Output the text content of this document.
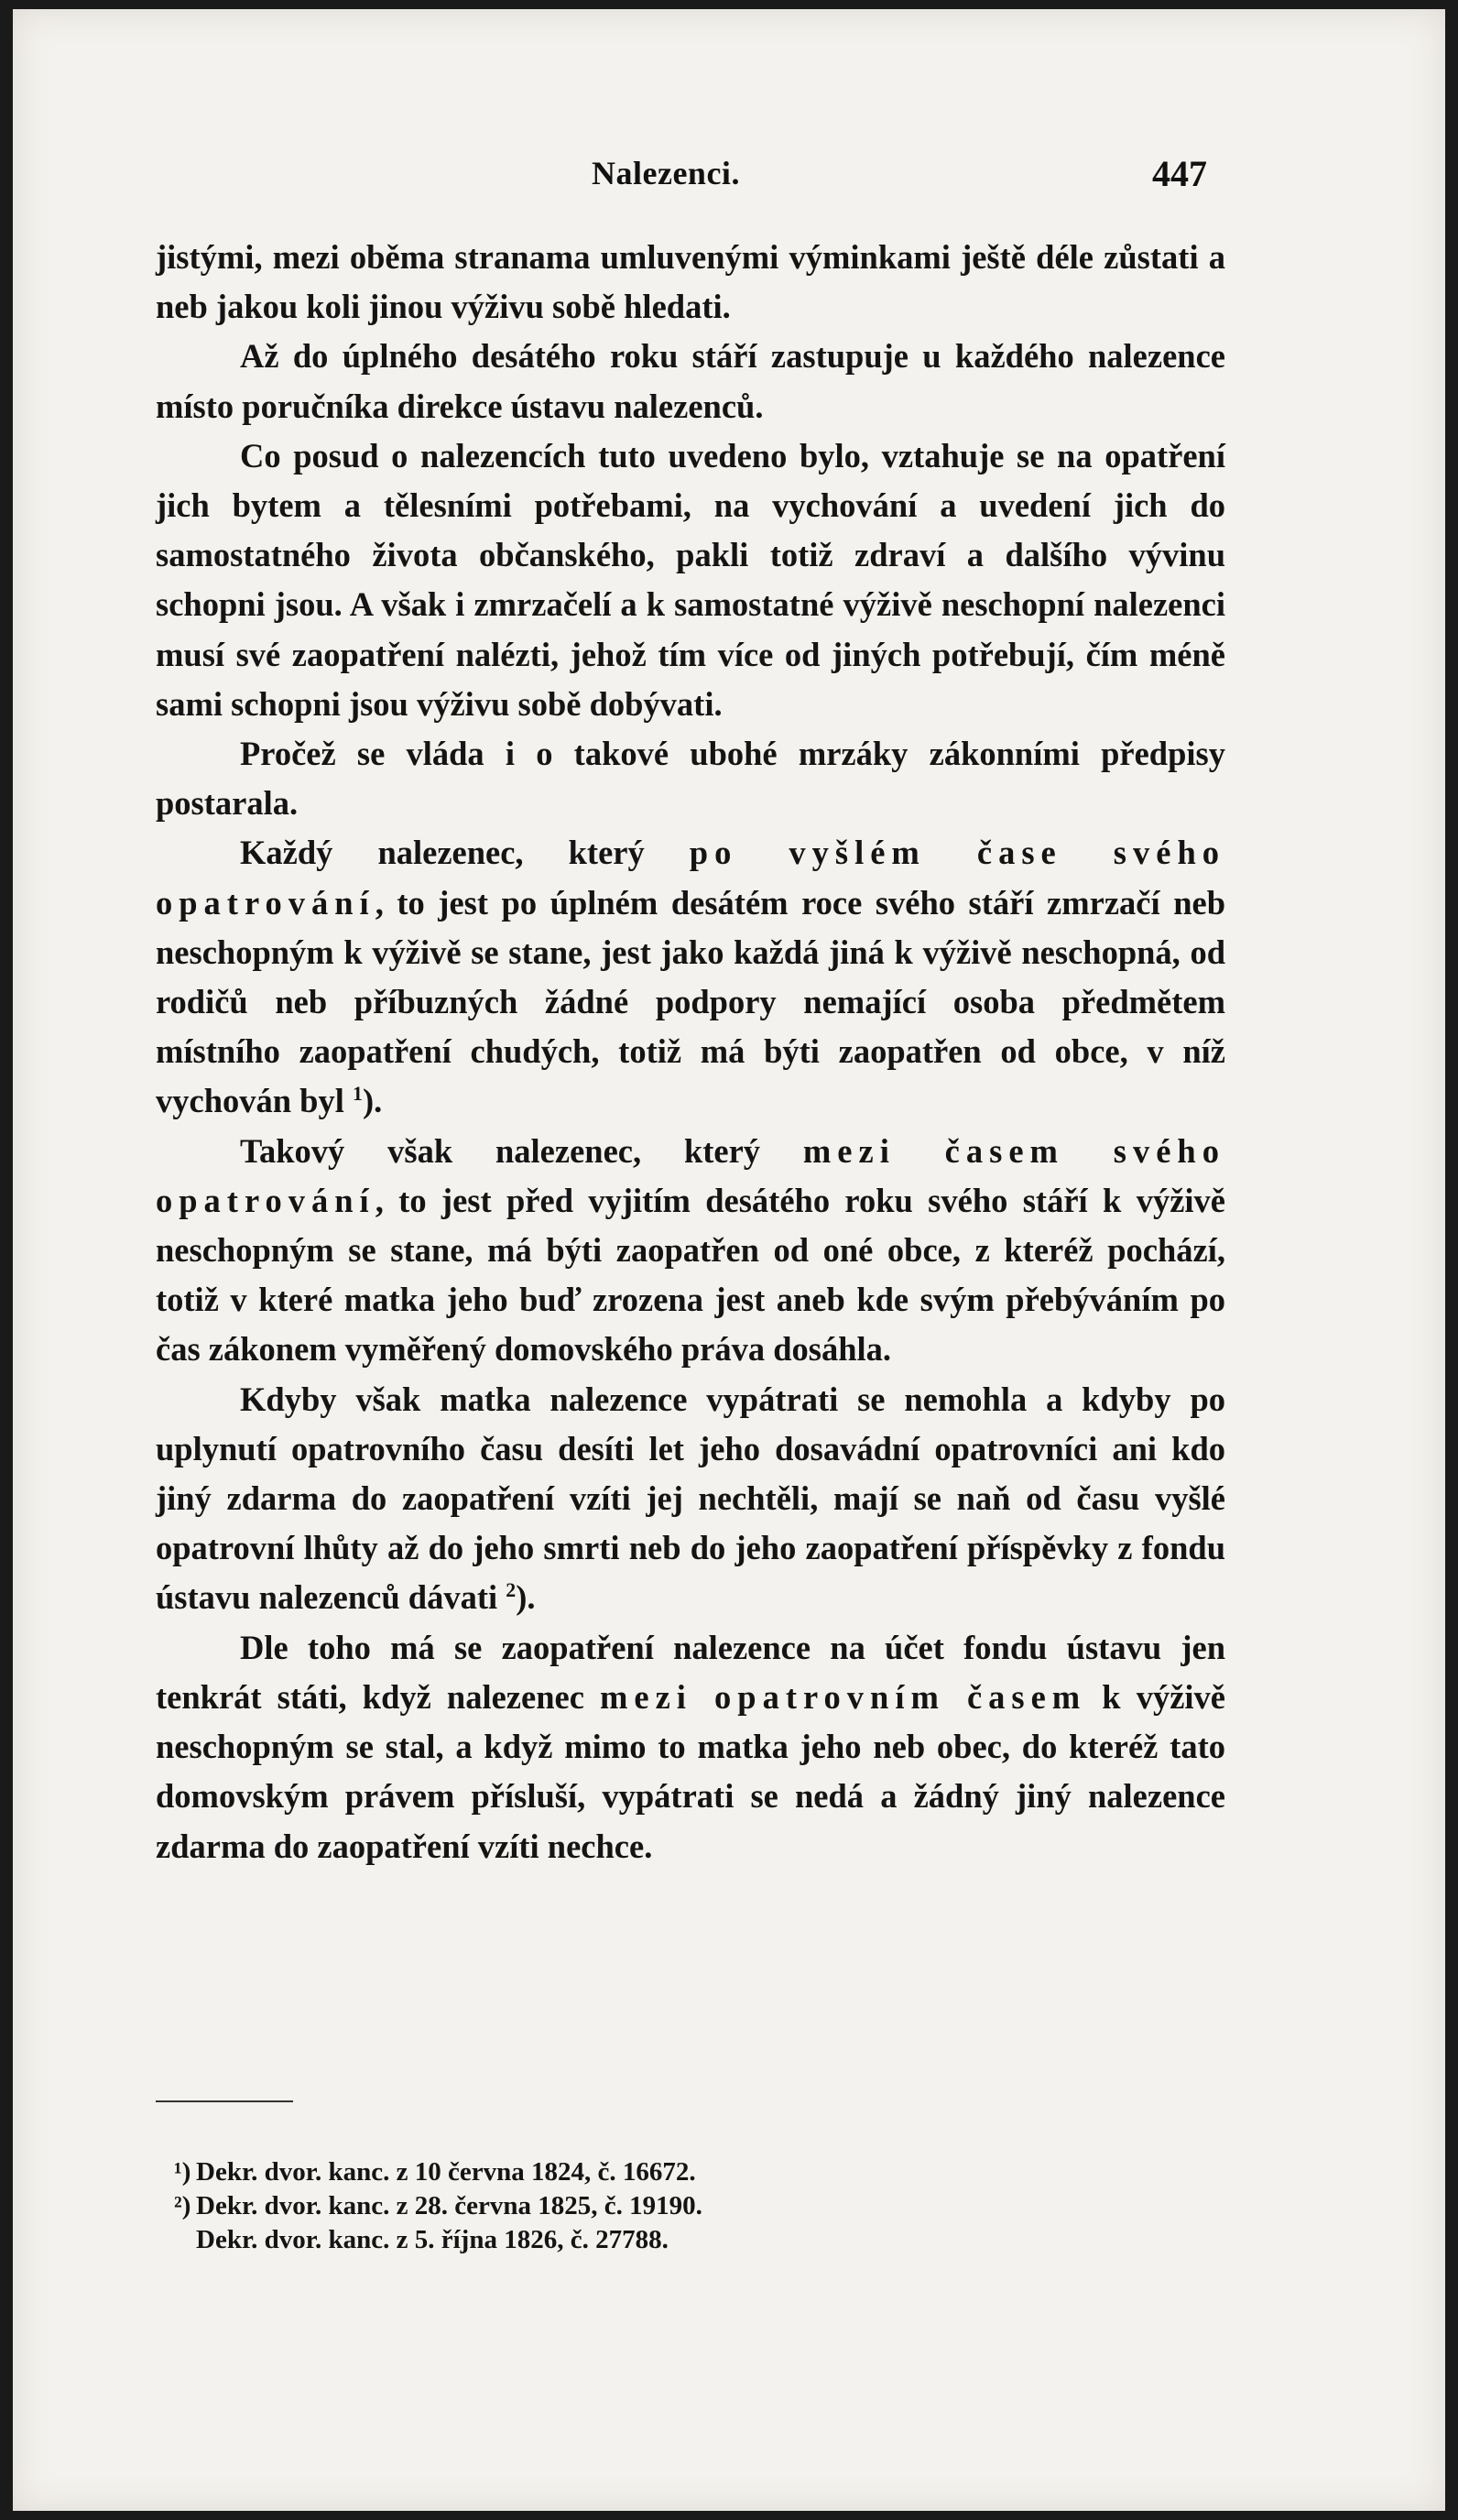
Nalezenci.	447

jistými, mezi oběma stranama umluvenými výminkami ještě déle zůstati a neb jakou koli jinou výživu sobě hledati.

Až do úplného desátého roku stáří zastupuje u každého nalezence místo poručníka direkce ústavu nalezenců.

Co posud o nalezencích tuto uvedeno bylo, vztahuje se na opatření jich bytem a tělesními potřebami, na vychování a uvedení jich do samostatného života občanského, pakli totiž zdraví a dalšího vývinu schopni jsou. A však i zmrzačelí a k samostatné výživě neschopní nalezenci musí své zaopatření nalézti, jehož tím více od jiných potřebují, čím méně sami schopni jsou výživu sobě dobývati.

Pročež se vláda i o takové ubohé mrzáky zákonními předpisy postarala.

Každý nalezenec, který po vyšlém čase svého opatrování, to jest po úplném desátém roce svého stáří zmrzačí neb neschopným k výživě se stane, jest jako každá jiná k výživě neschopná, od rodičů neb příbuzných žádné podpory nemající osoba předmětem místního zaopatření chudých, totiž má býti zaopatřen od obce, v níž vychován byl $^1$).

Takový však nalezenec, který mezi časem svého opatrování, to jest před vyjitím desátého roku svého stáří k výživě neschopným se stane, má býti zaopatřen od oné obce, z kteréž pochází, totiž v které matka jeho buď zrozena jest aneb kde svým přebýváním po čas zákonem vyměřený domovského práva dosáhla.

Kdyby však matka nalezence vypátrati se nemohla a kdyby po uplynutí opatrovního času desíti let jeho dosavádní opatrovníci ani kdo jiný zdarma do zaopatření vzíti jej nechtěli, mají se naň od času vyšlé opatrovní lhůty až do jeho smrti neb do jeho zaopatření příspěvky z fondu ústavu nalezenců dávati $^2$).

Dle toho má se zaopatření nalezence na účet fondu ústavu jen tenkrát státi, když nalezenec mezi opatrovním časem k výživě neschopným se stal, a když mimo to matka jeho neb obec, do kteréž tato domovským právem přísluší, vypátrati se nedá a žádný jiný nalezence zdarma do zaopatření vzíti nechce.

¹) Dekr. dvor. kanc. z 10 června 1824, č. 16672.
²) Dekr. dvor. kanc. z 28. června 1825, č. 19190.
Dekr. dvor. kanc. z 5. října 1826, č. 27788.
